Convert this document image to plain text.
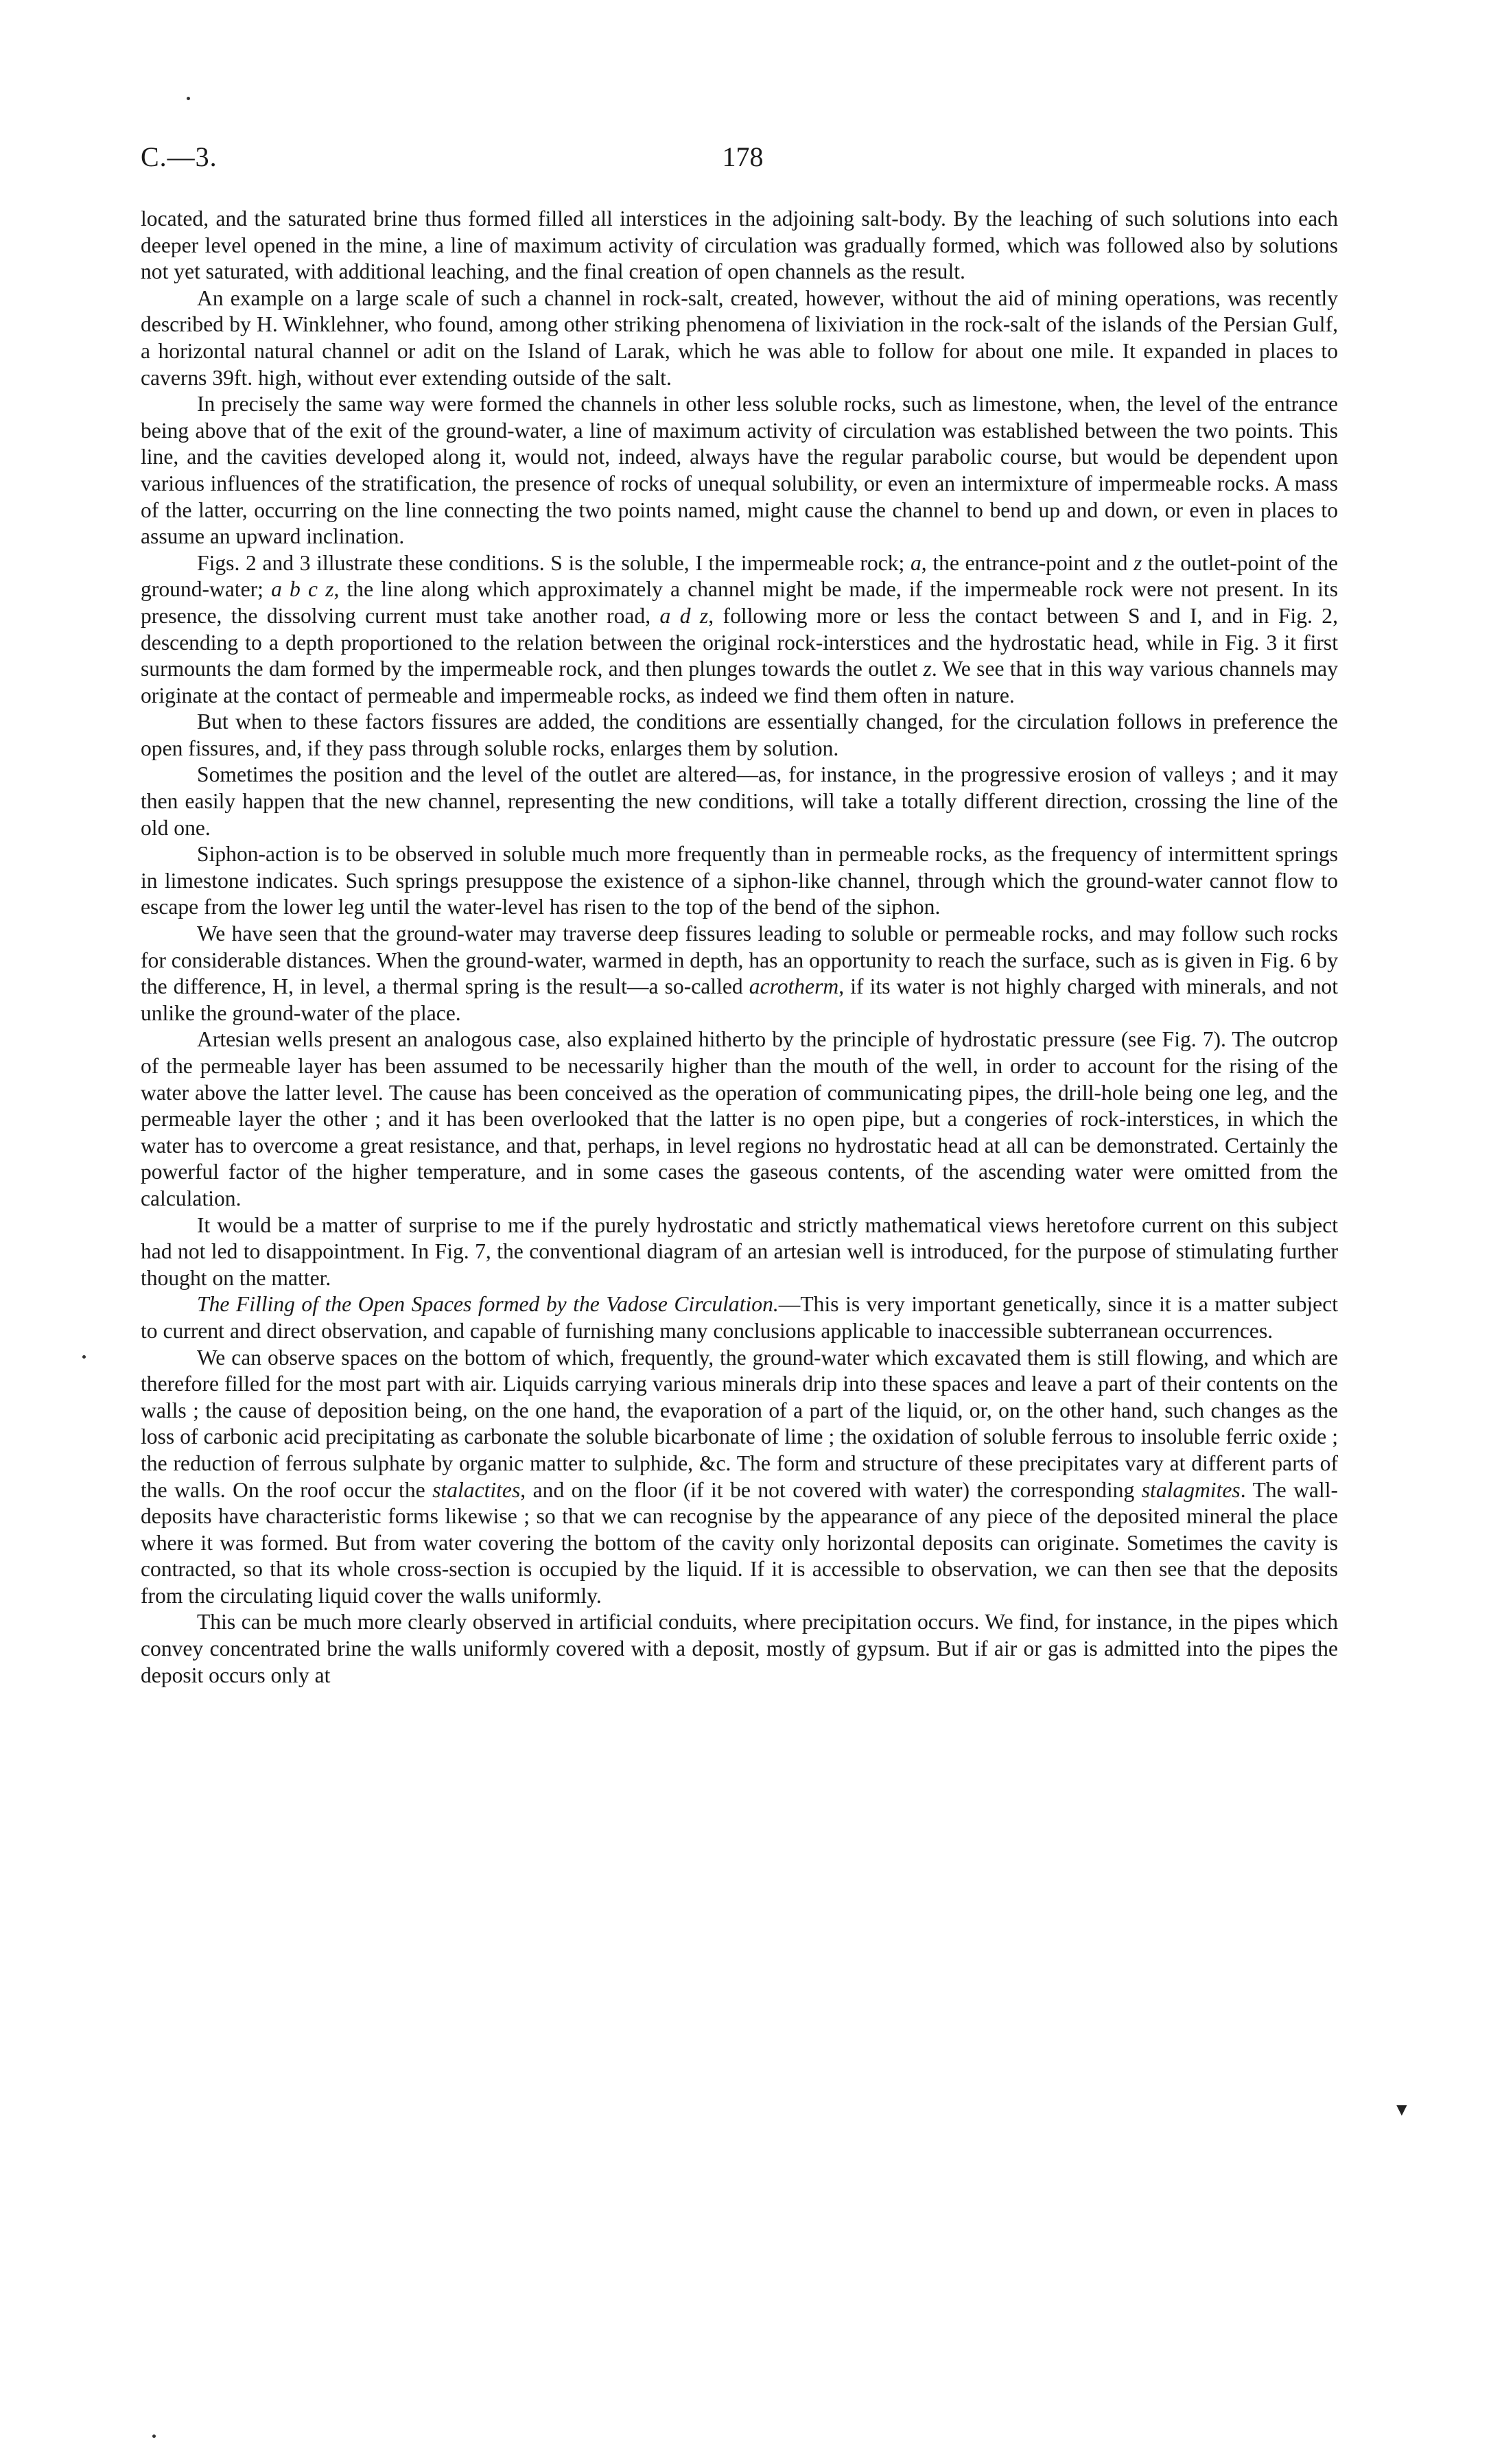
C.—3.	178

located, and the saturated brine thus formed filled all interstices in the adjoining salt-body. By the leaching of such solutions into each deeper level opened in the mine, a line of maximum activity of circulation was gradually formed, which was followed also by solutions not yet saturated, with additional leaching, and the final creation of open channels as the result.

An example on a large scale of such a channel in rock-salt, created, however, without the aid of mining operations, was recently described by H. Winklehner, who found, among other striking phenomena of lixiviation in the rock-salt of the islands of the Persian Gulf, a horizontal natural channel or adit on the Island of Larak, which he was able to follow for about one mile. It expanded in places to caverns 39ft. high, without ever extending outside of the salt.

In precisely the same way were formed the channels in other less soluble rocks, such as limestone, when, the level of the entrance being above that of the exit of the ground-water, a line of maximum activity of circulation was established between the two points. This line, and the cavities developed along it, would not, indeed, always have the regular parabolic course, but would be dependent upon various influences of the stratification, the presence of rocks of unequal solubility, or even an intermixture of impermeable rocks. A mass of the latter, occurring on the line connecting the two points named, might cause the channel to bend up and down, or even in places to assume an upward inclination.

Figs. 2 and 3 illustrate these conditions. S is the soluble, I the impermeable rock; a, the entrance-point and z the outlet-point of the ground-water; a b c z, the line along which approximately a channel might be made, if the impermeable rock were not present. In its presence, the dissolving current must take another road, a d z, following more or less the contact between S and I, and in Fig. 2, descending to a depth proportioned to the relation between the original rock-interstices and the hydrostatic head, while in Fig. 3 it first surmounts the dam formed by the impermeable rock, and then plunges towards the outlet z. We see that in this way various channels may originate at the contact of permeable and impermeable rocks, as indeed we find them often in nature.

But when to these factors fissures are added, the conditions are essentially changed, for the circulation follows in preference the open fissures, and, if they pass through soluble rocks, enlarges them by solution.

Sometimes the position and the level of the outlet are altered—as, for instance, in the progressive erosion of valleys ; and it may then easily happen that the new channel, representing the new conditions, will take a totally different direction, crossing the line of the old one.

Siphon-action is to be observed in soluble much more frequently than in permeable rocks, as the frequency of intermittent springs in limestone indicates. Such springs presuppose the existence of a siphon-like channel, through which the ground-water cannot flow to escape from the lower leg until the water-level has risen to the top of the bend of the siphon.

We have seen that the ground-water may traverse deep fissures leading to soluble or permeable rocks, and may follow such rocks for considerable distances. When the ground-water, warmed in depth, has an opportunity to reach the surface, such as is given in Fig. 6 by the difference, H, in level, a thermal spring is the result—a so-called acrotherm, if its water is not highly charged with minerals, and not unlike the ground-water of the place.

Artesian wells present an analogous case, also explained hitherto by the principle of hydrostatic pressure (see Fig. 7). The outcrop of the permeable layer has been assumed to be necessarily higher than the mouth of the well, in order to account for the rising of the water above the latter level. The cause has been conceived as the operation of communicating pipes, the drill-hole being one leg, and the permeable layer the other ; and it has been overlooked that the latter is no open pipe, but a congeries of rock-interstices, in which the water has to overcome a great resistance, and that, perhaps, in level regions no hydrostatic head at all can be demonstrated. Certainly the powerful factor of the higher temperature, and in some cases the gaseous contents, of the ascending water were omitted from the calculation.

It would be a matter of surprise to me if the purely hydrostatic and strictly mathematical views heretofore current on this subject had not led to disappointment. In Fig. 7, the conventional diagram of an artesian well is introduced, for the purpose of stimulating further thought on the matter.

The Filling of the Open Spaces formed by the Vadose Circulation.—This is very important genetically, since it is a matter subject to current and direct observation, and capable of furnishing many conclusions applicable to inaccessible subterranean occurrences.

We can observe spaces on the bottom of which, frequently, the ground-water which excavated them is still flowing, and which are therefore filled for the most part with air. Liquids carrying various minerals drip into these spaces and leave a part of their contents on the walls ; the cause of deposition being, on the one hand, the evaporation of a part of the liquid, or, on the other hand, such changes as the loss of carbonic acid precipitating as carbonate the soluble bicarbonate of lime ; the oxidation of soluble ferrous to insoluble ferric oxide ; the reduction of ferrous sulphate by organic matter to sulphide, &c. The form and structure of these precipitates vary at different parts of the walls. On the roof occur the stalactites, and on the floor (if it be not covered with water) the corresponding stalagmites. The wall-deposits have characteristic forms likewise ; so that we can recognise by the appearance of any piece of the deposited mineral the place where it was formed. But from water covering the bottom of the cavity only horizontal deposits can originate. Sometimes the cavity is contracted, so that its whole cross-section is occupied by the liquid. If it is accessible to observation, we can then see that the deposits from the circulating liquid cover the walls uniformly.

This can be much more clearly observed in artificial conduits, where precipitation occurs. We find, for instance, in the pipes which convey concentrated brine the walls uniformly covered with a deposit, mostly of gypsum. But if air or gas is admitted into the pipes the deposit occurs only at

▼
